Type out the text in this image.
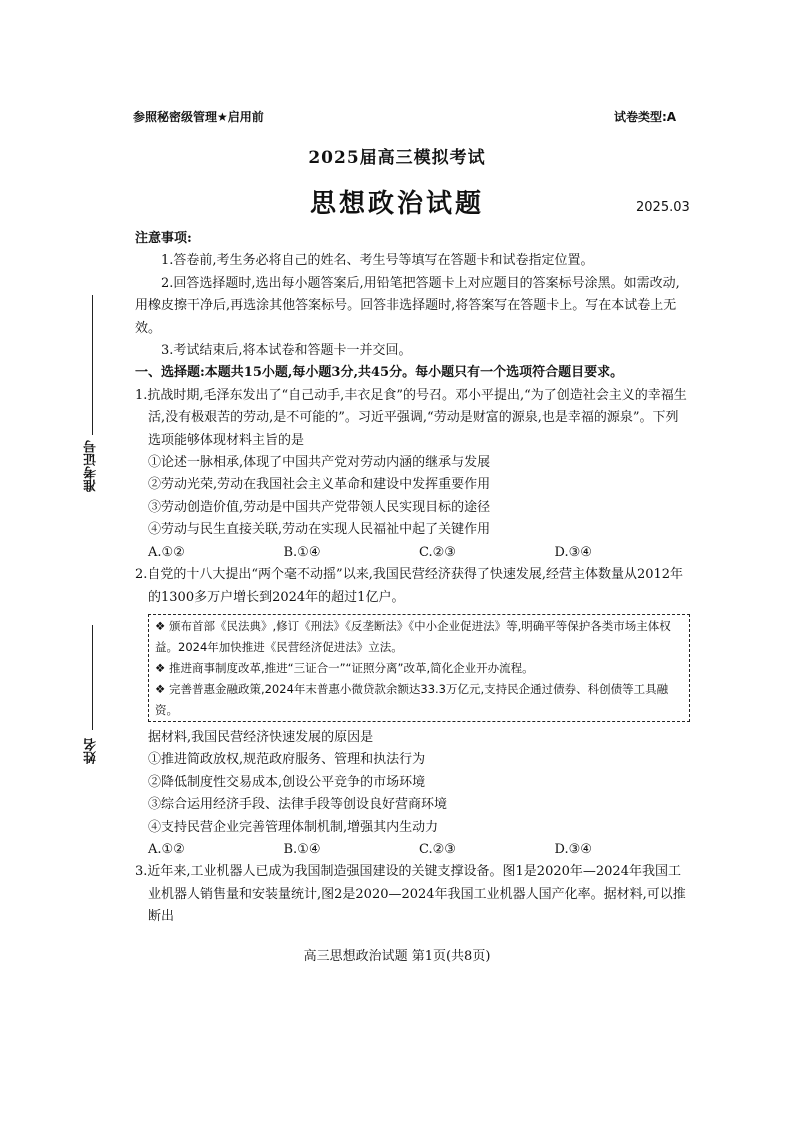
参照秘密级管理★启用前	试卷类型:A
2025届高三模拟考试
思想政治试题	2025.03
准考证号
姓名

注意事项:

1.答卷前,考生务必将自己的姓名、考生号等填写在答题卡和试卷指定位置。

2.回答选择题时,选出每小题答案后,用铅笔把答题卡上对应题目的答案标号涂黑。如需改动,用橡皮擦干净后,再选涂其他答案标号。回答非选择题时,将答案写在答题卡上。写在本试卷上无效。

3.考试结束后,将本试卷和答题卡一并交回。

一、选择题:本题共15小题,每小题3分,共45分。每小题只有一个选项符合题目要求。

1.抗战时期,毛泽东发出了“自己动手,丰衣足食”的号召。邓小平提出,“为了创造社会主义的幸福生活,没有极艰苦的劳动,是不可能的”。习近平强调,“劳动是财富的源泉,也是幸福的源泉”。下列选项能够体现材料主旨的是

①论述一脉相承,体现了中国共产党对劳动内涵的继承与发展

②劳动光荣,劳动在我国社会主义革命和建设中发挥重要作用

③劳动创造价值,劳动是中国共产党带领人民实现目标的途径

④劳动与民生直接关联,劳动在实现人民福祉中起了关键作用

A.①②	B.①④	C.②③	D.③④

2.自党的十八大提出“两个毫不动摇”以来,我国民营经济获得了快速发展,经营主体数量从2012年的1300多万户增长到2024年的超过1亿户。

❖ 颁布首部《民法典》,修订《刑法》《反垄断法》《中小企业促进法》等,明确平等保护各类市场主体权益。2024年加快推进《民营经济促进法》立法。

❖ 推进商事制度改革,推进“三证合一”“证照分离”改革,简化企业开办流程。

❖ 完善普惠金融政策,2024年末普惠小微贷款余额达33.3万亿元,支持民企通过债券、科创债等工具融资。

据材料,我国民营经济快速发展的原因是

①推进简政放权,规范政府服务、管理和执法行为

②降低制度性交易成本,创设公平竞争的市场环境

③综合运用经济手段、法律手段等创设良好营商环境

④支持民营企业完善管理体制机制,增强其内生动力

A.①②	B.①④	C.②③	D.③④

3.近年来,工业机器人已成为我国制造强国建设的关键支撑设备。图1是2020年—2024年我国工业机器人销售量和安装量统计,图2是2020—2024年我国工业机器人国产化率。据材料,可以推断出

高三思想政治试题 第1页(共8页)
